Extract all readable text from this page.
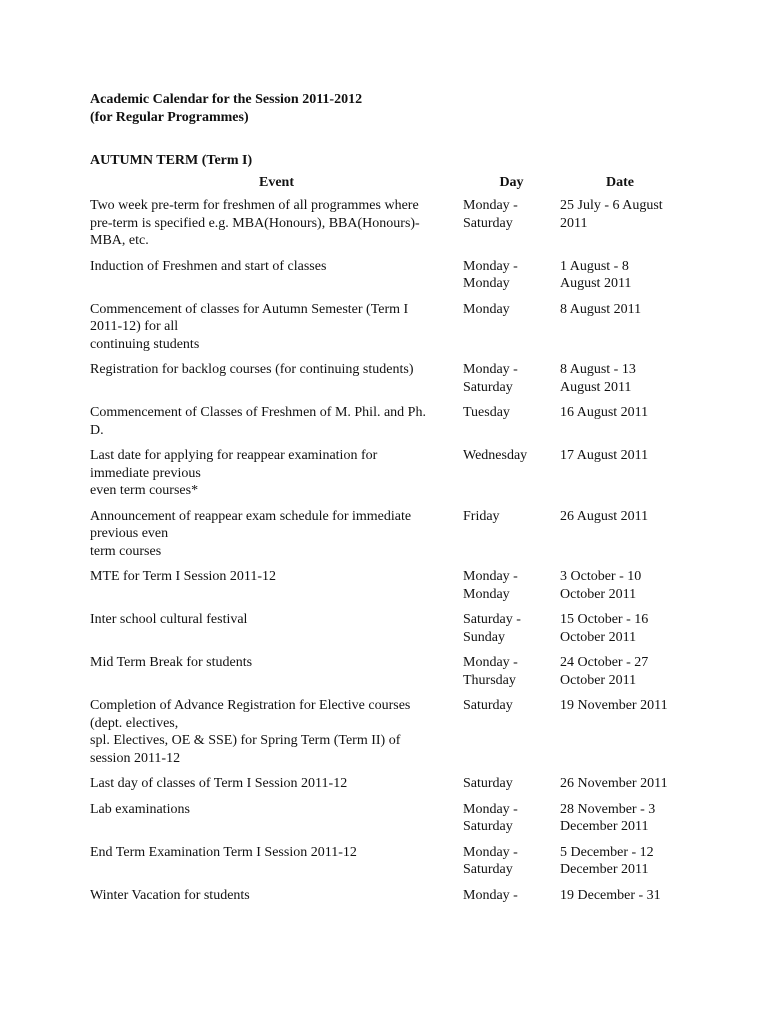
Academic Calendar for the Session 2011-2012

(for Regular Programmes)

AUTUMN TERM (Term I)

Event	Day	Date
Two week pre-term for freshmen of all programmes where
pre-term is specified e.g. MBA(Honours), BBA(Honours)-
MBA, etc.	Monday -
Saturday	25 July - 6 August
2011
Induction of Freshmen and start of classes	Monday -
Monday	1 August - 8
August 2011
Commencement of classes for Autumn Semester (Term I
2011-12) for all
continuing students	Monday	8 August 2011
Registration for backlog courses (for continuing students)	Monday -
Saturday	8 August - 13
August 2011
Commencement of Classes of Freshmen of M. Phil. and Ph.
D.	Tuesday	16 August 2011
Last date for applying for reappear examination for
immediate previous
even term courses*	Wednesday	17 August 2011
Announcement of reappear exam schedule for immediate
previous even
term courses	Friday	26 August 2011
MTE for Term I Session 2011-12	Monday -
Monday	3 October - 10
October 2011
Inter school cultural festival	Saturday -
Sunday	15 October - 16
October 2011
Mid Term Break for students	Monday -
Thursday	24 October - 27
October 2011
Completion of Advance Registration for Elective courses
(dept. electives,
spl. Electives, OE & SSE) for Spring Term (Term II) of
session 2011-12	Saturday	19 November 2011
Last day of classes of Term I Session 2011-12	Saturday	26 November 2011
Lab examinations	Monday -
Saturday	28 November - 3
December 2011
End Term Examination Term I Session 2011-12	Monday -
Saturday	5 December - 12
December 2011
Winter Vacation for students	Monday -	19 December - 31
